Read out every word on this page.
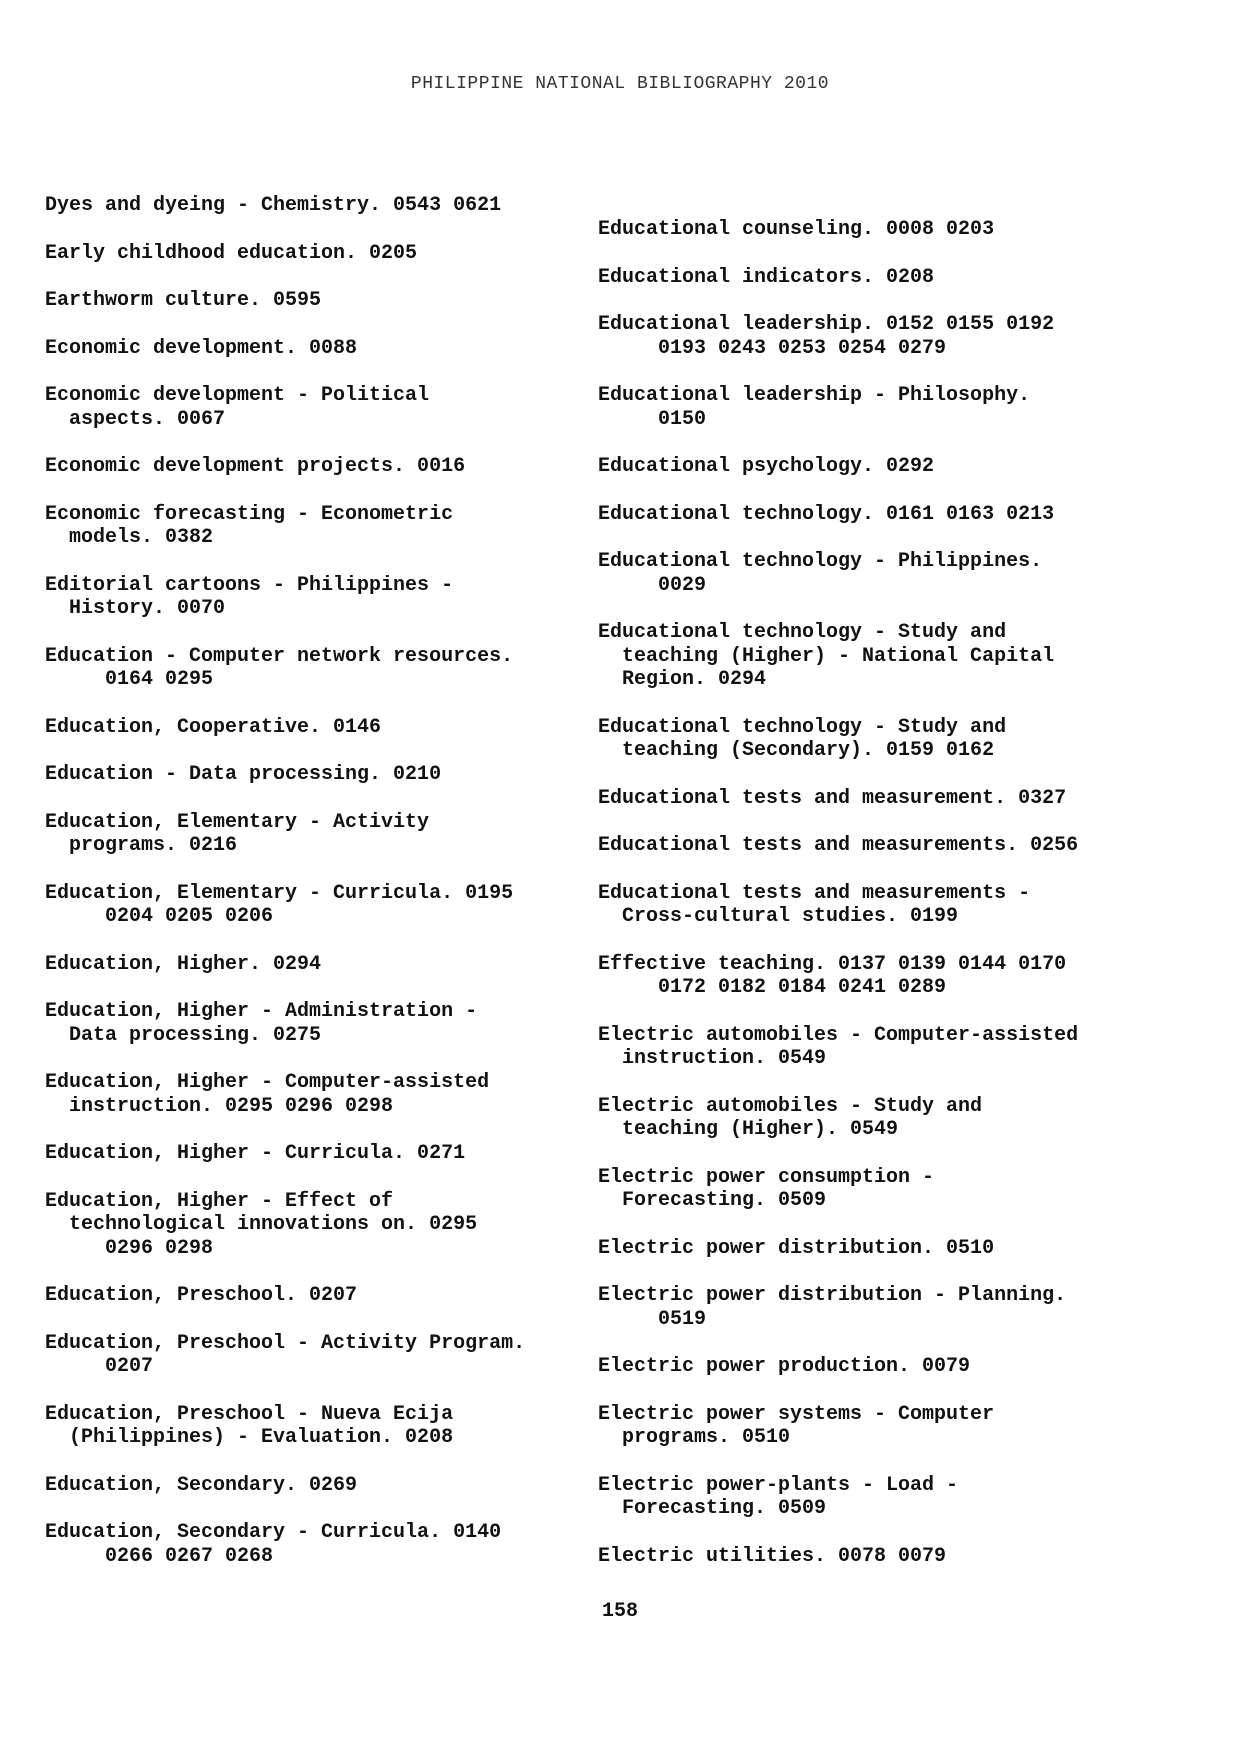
PHILIPPINE NATIONAL BIBLIOGRAPHY 2010
Dyes and dyeing - Chemistry. 0543 0621
Early childhood education. 0205
Earthworm culture. 0595
Economic development. 0088
Economic development - Political
aspects. 0067
Economic development projects. 0016
Economic forecasting - Econometric
models. 0382
Editorial cartoons - Philippines -
History. 0070
Education - Computer network resources.
0164 0295
Education, Cooperative. 0146
Education - Data processing. 0210
Education, Elementary - Activity
programs. 0216
Education, Elementary - Curricula. 0195
0204 0205 0206
Education, Higher. 0294
Education, Higher - Administration -
Data processing. 0275
Education, Higher - Computer-assisted
instruction. 0295 0296 0298
Education, Higher - Curricula. 0271
Education, Higher - Effect of
technological innovations on. 0295
0296 0298
Education, Preschool. 0207
Education, Preschool - Activity Program.
0207
Education, Preschool - Nueva Ecija
(Philippines) - Evaluation. 0208
Education, Secondary. 0269
Education, Secondary - Curricula. 0140
0266 0267 0268
Educational counseling. 0008 0203
Educational indicators. 0208
Educational leadership. 0152 0155 0192
0193 0243 0253 0254 0279
Educational leadership - Philosophy.
0150
Educational psychology. 0292
Educational technology. 0161 0163 0213
Educational technology - Philippines.
0029
Educational technology - Study and
teaching (Higher) - National Capital
Region. 0294
Educational technology - Study and
teaching (Secondary). 0159 0162
Educational tests and measurement. 0327
Educational tests and measurements. 0256
Educational tests and measurements -
Cross-cultural studies. 0199
Effective teaching. 0137 0139 0144 0170
0172 0182 0184 0241 0289
Electric automobiles - Computer-assisted
instruction. 0549
Electric automobiles - Study and
teaching (Higher). 0549
Electric power consumption -
Forecasting. 0509
Electric power distribution. 0510
Electric power distribution - Planning.
0519
Electric power production. 0079
Electric power systems - Computer
programs. 0510
Electric power-plants - Load -
Forecasting. 0509
Electric utilities. 0078 0079
158
